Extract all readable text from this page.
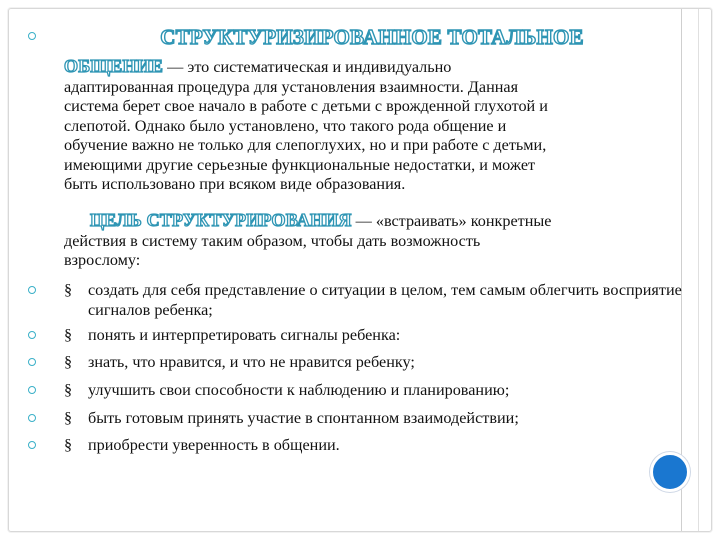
СТРУКТУРИЗИРОВАННОЕ ТОТАЛЬНОЕ
ОБЩЕНИЕ — это систематическая и индивидуально
адаптированная процедура для установления взаимности. Данная
система берет свое начало в работе с детьми с врожденной глухотой и
слепотой. Однако было установлено, что такого рода общение и
обучение важно не только для слепоглухих, но и при работе с детьми,
имеющими другие серьезные функциональные недостатки, и может
быть использовано при всяком виде образования.
ЦЕЛЬ СТРУКТУРИРОВАНИЯ — «встраивать» конкретные
действия в систему таким образом, чтобы дать возможность
взрослому:
§ создать для себя представление о ситуации в целом, тем самым облегчить восприятие сигналов ребенка;
§ понять и интерпретировать сигналы ребенка:
§ знать, что нравится, и что не нравится ребенку;
§ улучшить свои способности к наблюдению и планированию;
§ быть готовым принять участие в спонтанном взаимодействии;
§ приобрести уверенность в общении.
